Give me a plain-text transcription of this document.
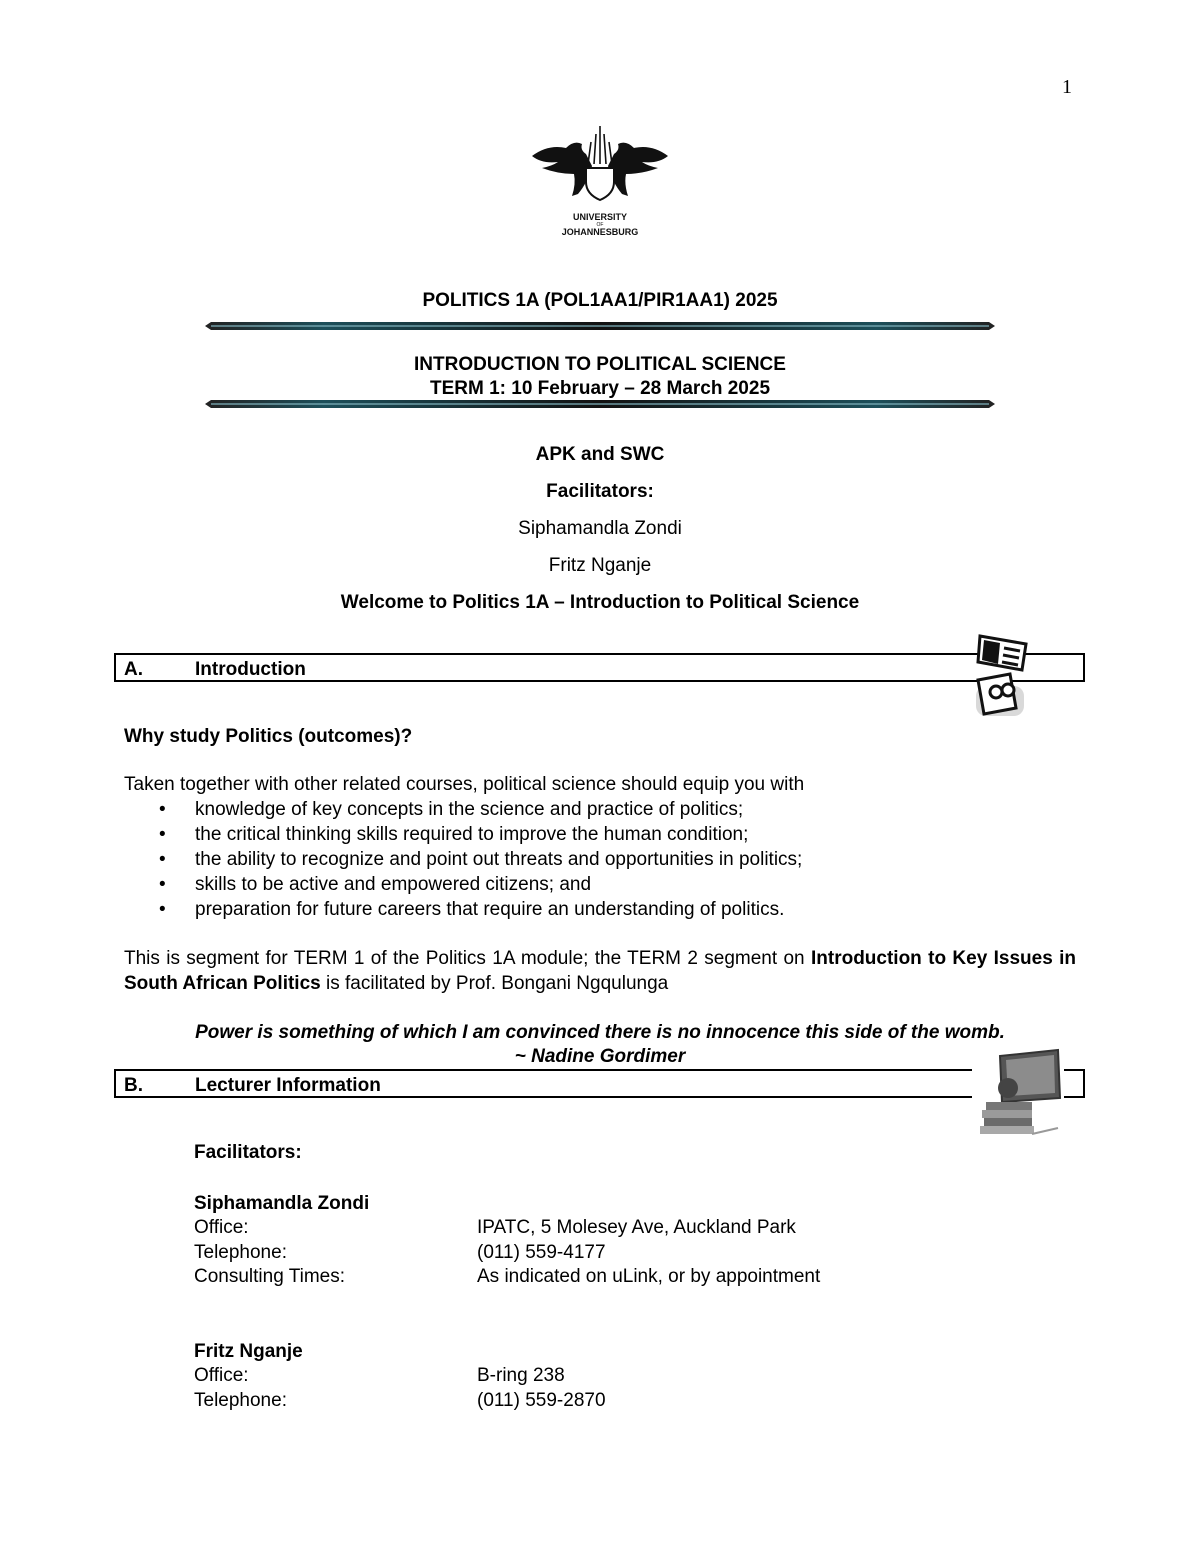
1
UNIVERSITY
OF
JOHANNESBURG
POLITICS 1A (POL1AA1/PIR1AA1) 2025
INTRODUCTION TO POLITICAL SCIENCE
TERM 1: 10 February – 28 March 2025
APK and SWC
Facilitators:
Siphamandla Zondi
Fritz Nganje
Welcome to Politics 1A – Introduction to Political Science
A.	Introduction
Why study Politics (outcomes)?
Taken together with other related courses, political science should equip you with
• knowledge of key concepts in the science and practice of politics;
• the critical thinking skills required to improve the human condition;
• the ability to recognize and point out threats and opportunities in politics;
• skills to be active and empowered citizens; and
• preparation for future careers that require an understanding of politics.
This is segment for TERM 1 of the Politics 1A module; the TERM 2 segment on Introduction to Key Issues in South African Politics is facilitated by Prof. Bongani Ngqulunga
Power is something of which I am convinced there is no innocence this side of the womb.
~ Nadine Gordimer
B.	Lecturer Information
Facilitators:
Siphamandla Zondi
Office:	IPATC, 5 Molesey Ave, Auckland Park
Telephone:	(011) 559-4177
Consulting Times:	As indicated on uLink, or by appointment
Fritz Nganje
Office:	B-ring 238
Telephone:	(011) 559-2870
